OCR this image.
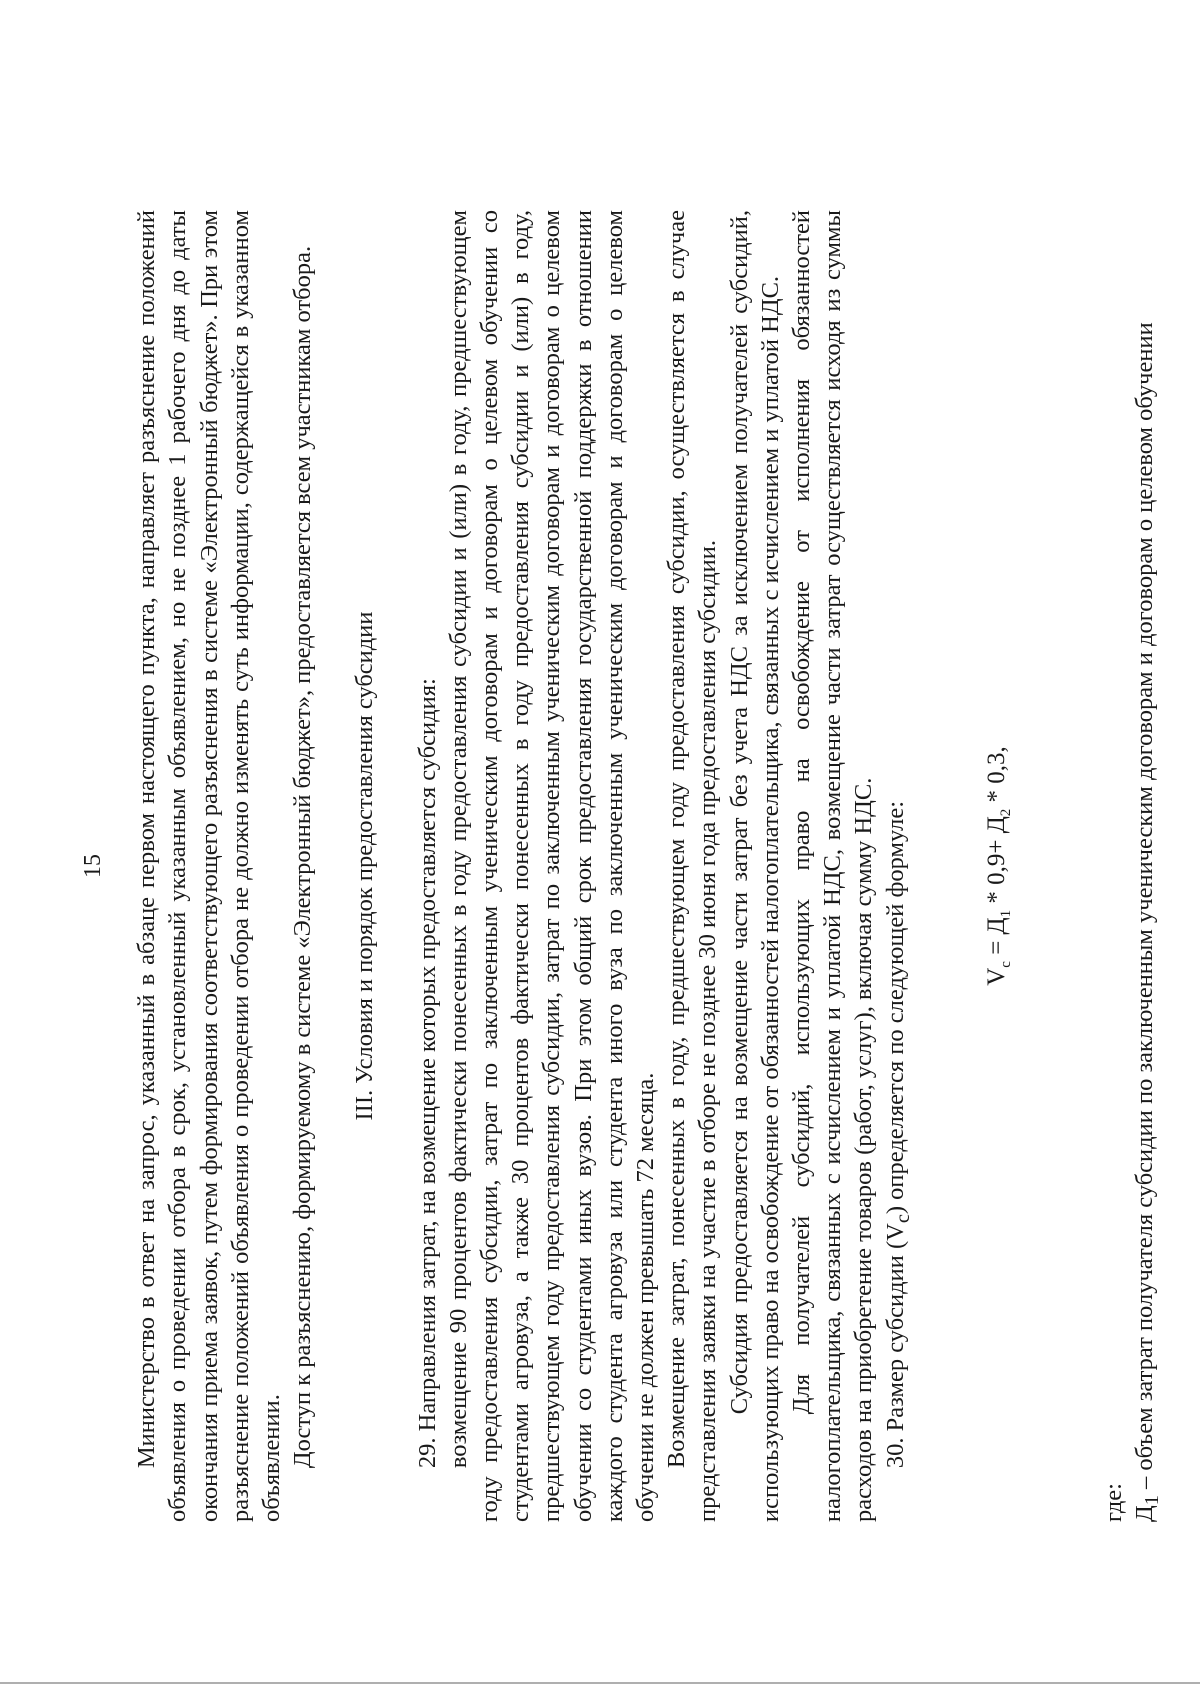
15 Министерство в ответ на запрос, указанный в абзаце первом настоящего пункта, направляет разъяснение положений объявления о проведении отбора в срок, установленный указанным объявлением, но не позднее 1 рабочего дня до даты окончания приема заявок, путем формирования соответствующего разъяснения в системе «Электронный бюджет». При этом разъяснение положений объявления о проведении отбора не должно изменять суть информации, содержащейся в указанном объявлении. Доступ к разъяснению, формируемому в системе «Электронный бюджет», предоставляется всем участникам отбора. III. Условия и порядок предоставления субсидии 29. Направления затрат, на возмещение которых предоставляется субсидия: возмещение 90 процентов фактически понесенных в году предоставления субсидии и (или) в году, предшествующем году предоставления субсидии, затрат по заключенным ученическим договорам и договорам о целевом обучении со студентами агровуза, а также 30 процентов фактически понесенных в году предоставления субсидии и (или) в году, предшествующем году предоставления субсидии, затрат по заключенным ученическим договорам и договорам о целевом обучении со студентами иных вузов. При этом общий срок предоставления государственной поддержки в отношении каждого студента агровуза или студента иного вуза по заключенным ученическим договорам и договорам о целевом обучении не должен превышать 72 месяца. Возмещение затрат, понесенных в году, предшествующем году предоставления субсидии, осуществляется в случае представления заявки на участие в отборе не позднее 30 июня года предоставления субсидии. Субсидия предоставляется на возмещение части затрат без учета НДС за исключением получателей субсидий, использующих право на освобождение от обязанностей налогоплательщика, связанных с исчислением и уплатой НДС. Для получателей субсидий, использующих право на освобождение от исполнения обязанностей налогоплательщика, связанных с исчислением и уплатой НДС, возмещение части затрат осуществляется исходя из суммы расходов на приобретение товаров (работ, услуг), включая сумму НДС. 30. Размер субсидии $(V_c)$ определяется по следующей формуле:	$V_c = Д_1 * 0,9+ Д_2 * 0,3$,

где: $Д_1$ – объем затрат получателя субсидии по заключенным ученическим договорам и договорам о целевом обучении
